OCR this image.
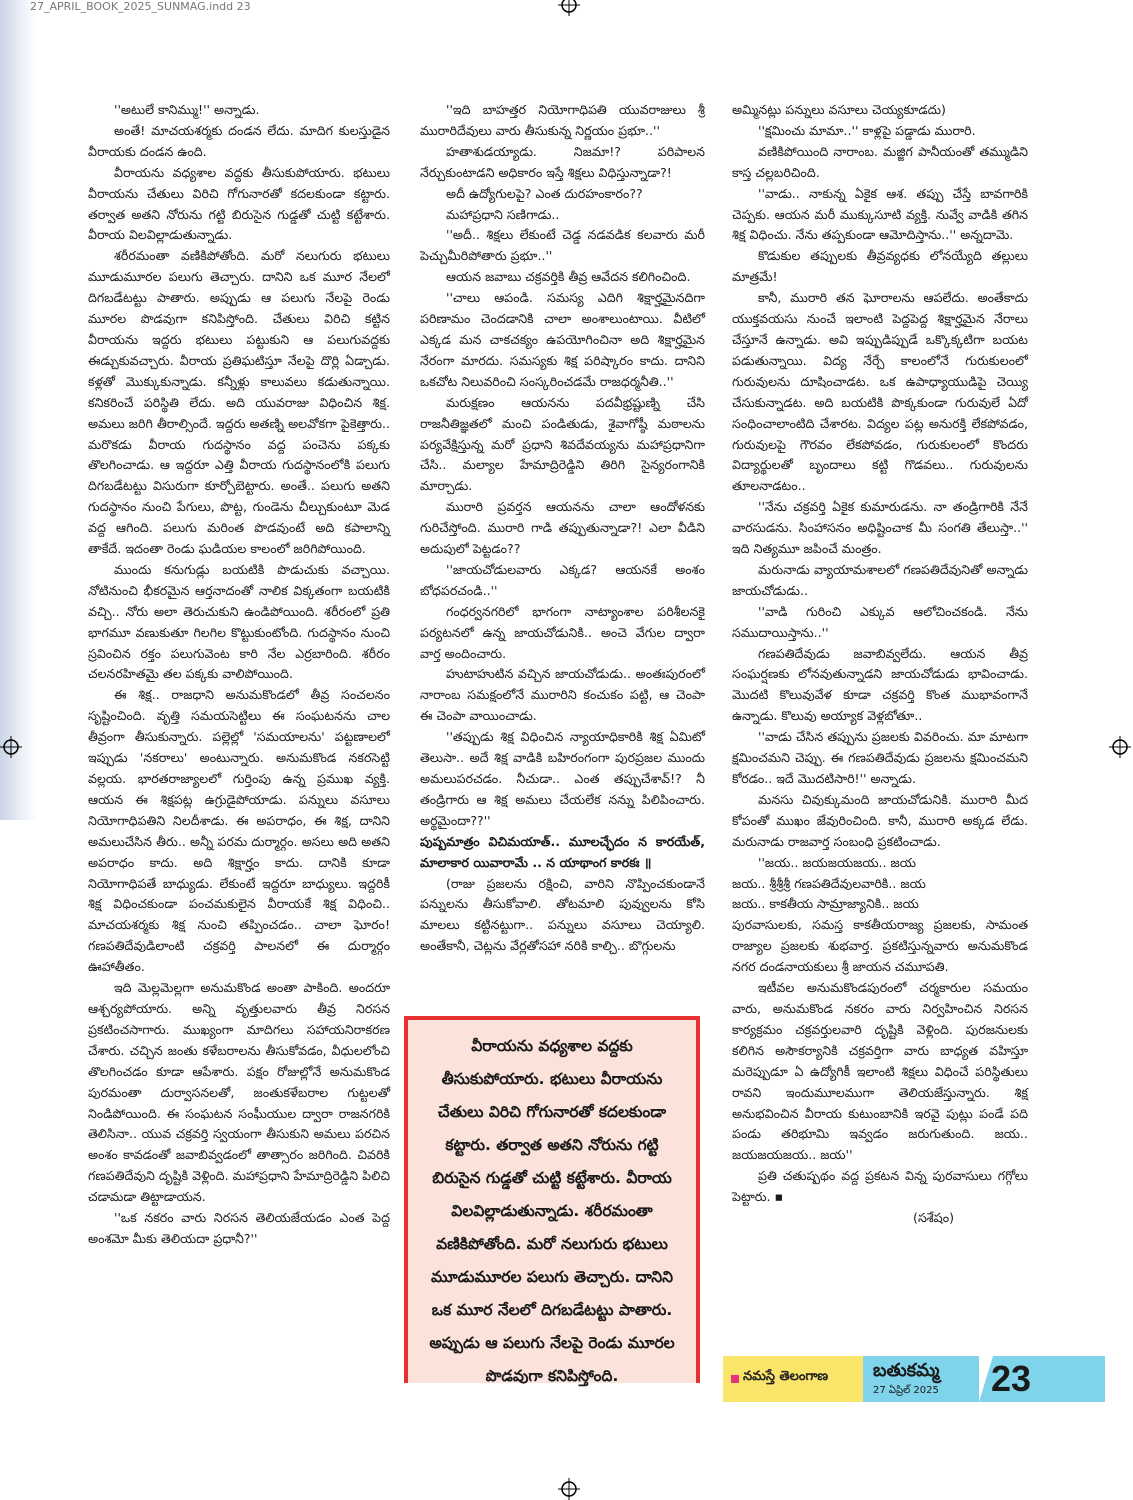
27_APRIL_BOOK_2025_SUNMAG.indd 23

''అటులే కానిమ్ము!'' అన్నాడు.

అంతే! మాచయశర్మకు దండన లేదు. మాదిగ కులస్తుడైన వీరాయకు దండన ఉంది.

వీరాయను వధ్యశాల వద్దకు తీసుకుపోయారు. భటులు వీరాయను చేతులు విరిచి గోగునారతో కదలకుండా కట్టారు. తర్వాత అతని నోరును గట్టి బిరుసైన గుడ్డతో చుట్టి కట్టేశారు. వీరాయ విలవిల్లాడుతున్నాడు.

శరీరమంతా వణికిపోతోంది. మరో నలుగురు భటులు మూడుమూరల పలుగు తెచ్చారు. దానిని ఒక మూర నేలలో దిగబడేటట్టు పాతారు. అప్పుడు ఆ పలుగు నేలపై రెండు మూరల పొడవుగా కనిపిస్తోంది. చేతులు విరిచి కట్టిన వీరాయను ఇద్దరు భటులు పట్టుకుని ఆ పలుగువద్దకు ఈడ్చుకువచ్చారు. వీరాయ ప్రతిఘటిస్తూ నేలపై దొర్లి ఏడ్చాడు. కళ్లతో మొక్కుకున్నాడు. కన్నీళ్లు కాలువలు కడుతున్నాయి. కనికరించే పరిస్థితి లేదు. అది యువరాజు విధించిన శిక్ష. అమలు జరిగి తీరాల్సిందే. ఇద్దరు అతణ్ని అలవోకగా పైకెత్తారు.. మరొకడు వీరాయ గుదస్థానం వద్ద పంచెను పక్కకు తొలగించాడు. ఆ ఇద్దరూ ఎత్తి వీరాయ గుదస్థానంలోకి పలుగు దిగబడేటట్టు విసురుగా కూర్చోబెట్టారు. అంతే.. పలుగు అతని గుదస్థానం నుంచి పేగులు, పొట్ట, గుండెను చీల్చుకుంటూ మెడ వద్ద ఆగింది. పలుగు మరింత పొడవుంటే అది కపాలాన్ని తాకేదే. ఇదంతా రెండు ఘడియల కాలంలో జరిగిపోయింది.

ముందు కనుగుడ్లు బయటికి పొడుచుకు వచ్చాయి. నోటినుంచి భీకరమైన ఆర్తనాదంతో నాలిక విక్కతంగా బయటికి వచ్చి.. నోరు అలా తెరుచుకుని ఉండిపోయింది. శరీరంలో ప్రతి భాగమూ వణుకుతూ గిలగిల కొట్టుకుంటోంది. గుదస్థానం నుంచి స్రవించిన రక్తం పలుగువెంట కారి నేల ఎర్రబారింది. శరీరం చలనరహితమై తల పక్కకు వాలిపోయింది.

ఈ శిక్ష.. రాజధాని అనుమకొండలో తీవ్ర సంచలనం సృష్టించింది. వృత్తి సమయసెట్టిలు ఈ సంఘటనను చాల తీవ్రంగా తీసుకున్నారు. పల్లెల్లో 'సమయాలను' పట్టణాలలో ఇప్పుడు 'నకరాలు' అంటున్నారు. అనుమకొండ నకరసెట్టి వల్లయ. భారతరాజ్యాలలో గుర్తింపు ఉన్న ప్రముఖ వ్యక్తి. ఆయన ఈ శిక్షపట్ల ఉగ్రుడైపోయాడు. పన్నులు వసూలు నియోగాధిపతిని నిలదీశాడు. ఈ అపరాధం, ఈ శిక్ష, దానిని అమలుచేసిన తీరు.. అన్నీ పరమ దుర్మార్గం. అసలు అది అతని అపరాధం కాదు. అది శిక్షార్హం కాదు. దానికి కూడా నియోగాధిపతే బాధ్యుడు. లేకుంటే ఇద్దరూ బాధ్యులు. ఇద్దరికీ శిక్ష విధించకుండా పంచమకులైన వీరాయకే శిక్ష విధించి.. మాచయశర్మకు శిక్ష నుంచి తప్పించడం.. చాలా ఘోరం! గణపతిదేవుడిలాంటి చక్రవర్తి పాలనలో ఈ దుర్మార్గం ఊహాతీతం.

ఇది మెల్లమెల్లగా అనుమకొండ అంతా పాకింది. అందరూ ఆశ్చర్యపోయారు. అన్ని వృత్తులవారు తీవ్ర నిరసన ప్రకటించసాగారు. ముఖ్యంగా మాదిగలు సహాయనిరాకరణ చేశారు. చచ్చిన జంతు కళేబరాలను తీసుకోవడం, వీధులలోంచి తొలగించడం కూడా ఆపేశారు. పక్షం రోజుల్లోనే అనుమకొండ పురమంతా దుర్వాసనలతో, జంతుకళేబరాల గుట్టలతో నిండిపోయింది. ఈ సంఘటన సంఘీయుల ద్వారా రాజనగరికి తెలిసినా.. యువ చక్రవర్తి స్వయంగా తీసుకుని అమలు పరచిన అంశం కావడంతో జవాబివ్వడంలో తాత్సారం జరిగింది. చివరికి గణపతిదేవుని దృష్టికి వెళ్లింది. మహాప్రధాని హేమాద్రిరెడ్డిని పిలిచి చడామడా తిట్టాడాయన.

''ఒక నకరం వారు నిరసన తెలియజేయడం ఎంత పెద్ద అంశమో మీకు తెలియదా ప్రధానీ?''

''ఇది బాహత్తర నియోగాధిపతి యువరాజులు శ్రీ మురారిదేవులు వారు తీసుకున్న నిర్ణయం ప్రభూ..''

హతాశుడయ్యాడు. నిజమా!? పరిపాలన నేర్చుకుంటాడని అధికారం ఇస్తే శిక్షలు విధిస్తున్నాడా?!

అదీ ఉద్యోగులపై? ఎంత దురహంకారం??

మహాప్రధాని సణిగాడు..

''అదీ.. శిక్షలు లేకుంటే చెడ్డ నడవడిక కలవారు మరీ పెచ్చుమీరిపోతారు ప్రభూ..''

ఆయన జవాబు చక్రవర్తికి తీవ్ర ఆవేదన కలిగించింది.

''చాలు ఆపండి. సమస్య ఎదిగి శిక్షార్హమైనదిగా పరిణామం చెందడానికి చాలా అంశాలుంటాయి. వీటిలో ఎక్కడ మన చాకచక్యం ఉపయోగించినా అది శిక్షార్హమైన నేరంగా మారదు. సమస్యకు శిక్ష పరిష్కారం కాదు. దానిని ఒకచోట నిలువరించి సంస్కరించడమే రాజధర్మనీతి..''

మరుక్షణం ఆయనను పదవీభ్రష్టుణ్ని చేసి రాజనీతిజ్ఞతలో మంచి పండితుడు, శైవాగోష్ఠీ మఠాలను పర్యవేక్షిస్తున్న మరో ప్రధాని శివదేవయ్యను మహాప్రధానిగా చేసి.. మల్యాల హేమాద్రిరెడ్డిని తిరిగి సైన్యరంగానికి మార్చాడు.

మురారి ప్రవర్తన ఆయనను చాలా ఆందోళనకు గురిచేస్తోంది. మురారి గాడి తప్పుతున్నాడా?! ఎలా వీడిని అదుపులో పెట్టడం??

''జాయచోడులవారు ఎక్కడ? ఆయనకే అంశం బోధపరచండి..''

గంధర్వనగరిలో భాగంగా నాట్యాంశాల పరిశీలనకై పర్యటనలో ఉన్న జాయచోడునికి.. అంచె వేగుల ద్వారా వార్త అందించారు.

హుటాహుటిన వచ్చిన జాయచోడుడు.. అంతఃపురంలో నారాంబ సమక్షంలోనే మురారిని కంచుకం పట్టి, ఆ చెంపా ఈ చెంపా వాయించాడు.

''తప్పుడు శిక్ష విధించిన న్యాయాధికారికి శిక్ష ఏమిటో తెలుసా.. అదే శిక్ష వాడికి బహిరంగంగా పురప్రజల ముందు అమలుపరచడం. నీచుడా.. ఎంత తప్పుచేశావ్!? నీ తండ్రిగారు ఆ శిక్ష అమలు చేయలేక నన్ను పిలిపించారు. అర్థమైందా??''

పుష్పమాత్రం విచిమయాత్.. మూలచ్ఛేదం న కారయేత్, మాలాకార యివారామే .. న యాథాంగ కారకః ॥

(రాజు ప్రజలను రక్షించి, వారిని నొప్పించకుండానే పన్నులను తీసుకోవాలి. తోటమాలి పువ్వులను కోసి మాలలు కట్టినట్టుగా.. పన్నులు వసూలు చెయ్యాలి. అంతేకానీ, చెట్లను వేర్లతోసహా నరికి కాల్చి.. బొగ్గులను

వీరాయను వధ్యశాల వద్దకు తీసుకుపోయారు. భటులు వీరాయను చేతులు విరిచి గోగునారతో కదలకుండా కట్టారు. తర్వాత అతని నోరును గట్టి బిరుసైన గుడ్డతో చుట్టి కట్టేశారు. వీరాయ విలవిల్లాడుతున్నాడు. శరీరమంతా వణికిపోతోంది. మరో నలుగురు భటులు మూడుమూరల పలుగు తెచ్చారు. దానిని ఒక మూర నేలలో దిగబడేటట్టు పాతారు. అప్పుడు ఆ పలుగు నేలపై రెండు మూరల పొడవుగా కనిపిస్తోంది.

అమ్మినట్లు పన్నులు వసూలు చెయ్యకూడదు)

''క్షమించు మామా..'' కాళ్లపై పడ్డాడు మురారి.

వణికిపోయింది నారాంబ. మజ్జిగ పానీయంతో తమ్ముడిని కాస్త చల్లబరిచింది.

''వాడు.. నాకున్న ఏకైక ఆశ. తప్పు చేస్తే బావగారికి చెప్పకు. ఆయన మరీ ముక్కుసూటి వ్యక్తి. నువ్వే వాడికి తగిన శిక్ష విధించు. నేను తప్పకుండా ఆమోదిస్తాను..'' అన్నదామె.

కొడుకుల తప్పులకు తీవ్రవ్యధకు లోనయ్యేది తల్లులు మాత్రమే!

కానీ, మురారి తన ఘోరాలను ఆపలేదు. అంతేకాదు యుక్తవయసు నుంచే ఇలాంటి పెద్దపెద్ద శిక్షార్హమైన నేరాలు చేస్తూనే ఉన్నాడు. అవి ఇప్పుడిప్పుడే ఒక్కొక్కటిగా బయట పడుతున్నాయి. విద్య నేర్చే కాలంలోనే గురుకులంలో గురువులను దూషించాడట. ఒక ఉపాధ్యాయుడిపై చెయ్యి చేసుకున్నాడట. అది బయటికి పొక్కకుండా గురువులే ఏదో సంధించాలాంటిది చేశారట. విద్యల పట్ల అనురక్తి లేకపోవడం, గురువులపై గౌరవం లేకపోవడం, గురుకులంలో కొందరు విద్యార్థులతో బృందాలు కట్టి గొడవలు.. గురువులను తూలనాడటం..

''నేను చక్రవర్తి ఏకైక కుమారుడను. నా తండ్రిగారికి నేనే వారసుడను. సింహాసనం అధిష్టించాక మీ సంగతి తేలుస్తా..'' ఇది నిత్యమూ జపించే మంత్రం.

మరునాడు వ్యాయామశాలలో గణపతిదేవునితో అన్నాడు జాయచోడుడు..

''వాడి గురించి ఎక్కువ ఆలోచించకండి. నేను సముదాయిస్తాను..''

గణపతిదేవుడు జవాబివ్వలేదు. ఆయన తీవ్ర సంఘర్షణకు లోనవుతున్నాడని జాయచోడుడు భావించాడు. మొదటి కొలువువేళ కూడా చక్రవర్తి కొంత ముభావంగానే ఉన్నాడు. కొలువు అయ్యాక వెళ్లబోతూ..

''వాడు చేసిన తప్పును ప్రజలకు వివరించు. మా మాటగా క్షమించమని చెప్పు. ఈ గణపతిదేవుడు ప్రజలను క్షమించమని కోరడం.. ఇదే మొదటిసారి!'' అన్నాడు.

మనసు చివుక్కుమంది జాయచోడునికి. మురారి మీద కోపంతో ముఖం జేవురించింది. కానీ, మురారి అక్కడ లేడు. మరునాడు రాజవార్త సంబంధి ప్రకటించాడు.

''జయ.. జయజయజయ.. జయ

జయ.. శ్రీశ్రీశ్రీ గణపతిదేవులవారికి.. జయ

జయ.. కాకతీయ సామ్రాజ్యానికి.. జయ

పురవాసులకు, సమస్త కాకతీయరాజ్య ప్రజలకు, సామంత రాజ్యాల ప్రజలకు శుభవార్త. ప్రకటిస్తున్నవారు అనుమకొండ నగర దండనాయకులు శ్రీ జాయన చమూపతి.

ఇటీవల అనుమకొండపురంలో చర్మకారుల సమయం వారు, అనుమకొండ నకరం వారు నిర్వహించిన నిరసన కార్యక్రమం చక్రవర్తులవారి దృష్టికి వెళ్లింది. పురజనులకు కలిగిన అసౌకర్యానికి చక్రవర్తిగా వారు బాధ్యత వహిస్తూ మరెప్పుడూ ఏ ఉద్యోగికీ ఇలాంటి శిక్షలు విధించే పరిస్థితులు రావని ఇందుమూలముగా తెలియజేస్తున్నారు. శిక్ష అనుభవించిన వీరాయ కుటుంబానికి ఇరవై పుట్లు పండే పది పండు తరిభూమి ఇవ్వడం జరుగుతుంది. జయ.. జయజయజయ.. జయ''

ప్రతి చతుష్పథం వద్ద ప్రకటన విన్న పురవాసులు గగ్గోలు పెట్టారు. ▪

(సశేషం)

నమస్తే తెలంగాణ బతుకమ్మ
27 ఏప్రిల్ 2025 23
